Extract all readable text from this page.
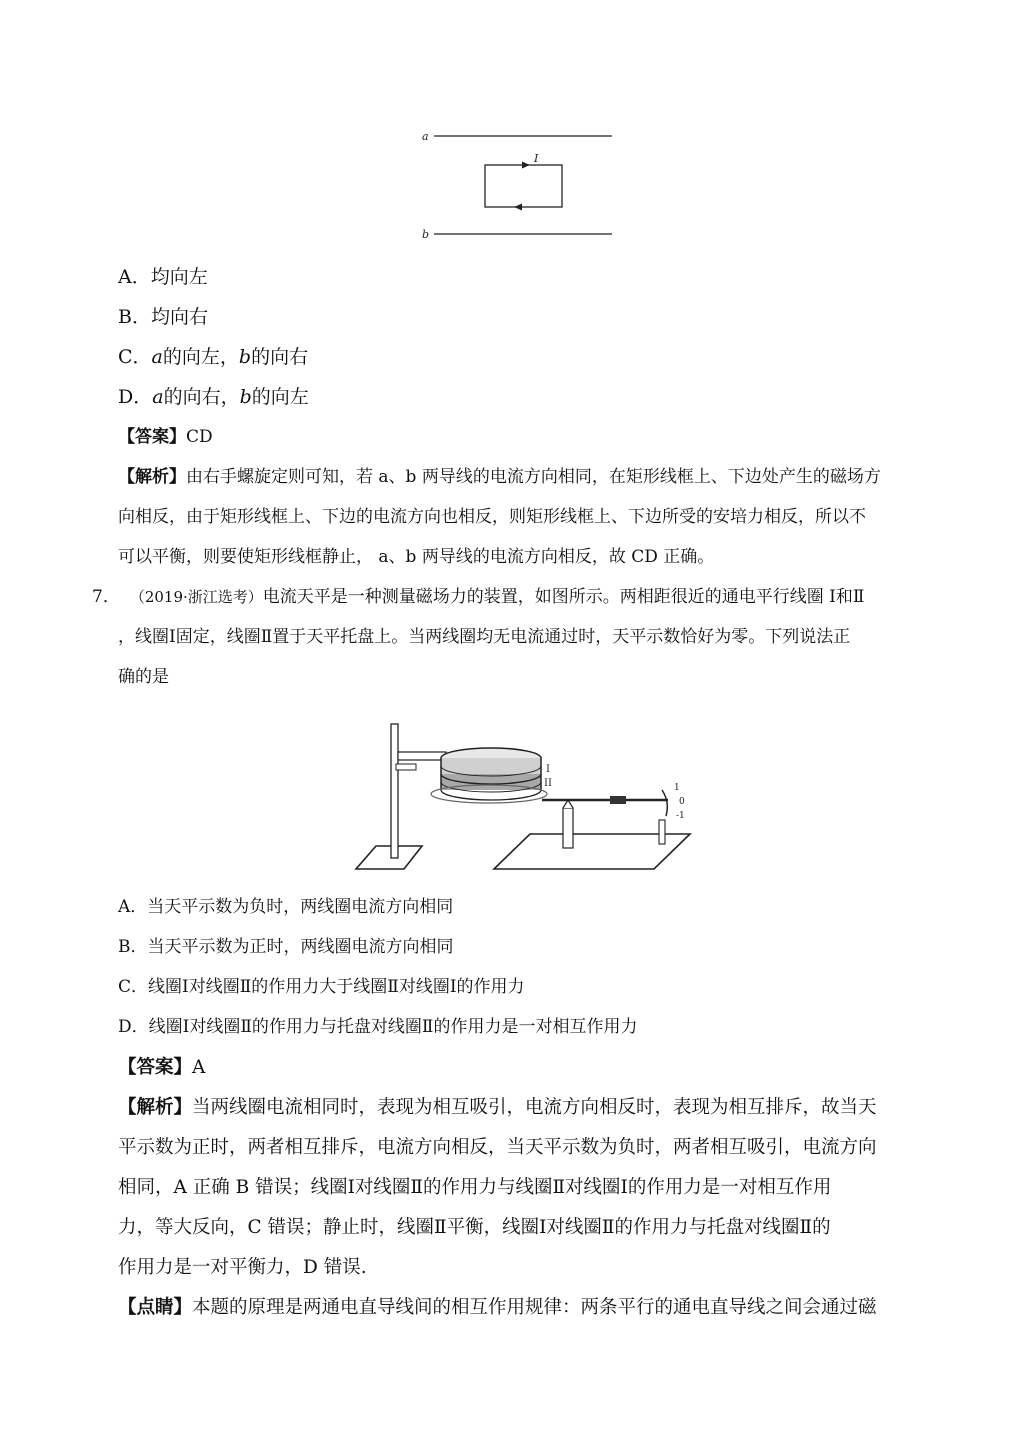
a
I
b
A．均向左
B．均向右
C．a的向左，b的向右
D．a的向右，b的向左
【答案】CD
【解析】由右手螺旋定则可知，若 a、b 两导线的电流方向相同，在矩形线框上、下边处产生的磁场方
向相反，由于矩形线框上、下边的电流方向也相反，则矩形线框上、下边所受的安培力相反，所以不
可以平衡，则要使矩形线框静止， a、b 两导线的电流方向相反，故 CD 正确。
7． （2019·浙江选考）电流天平是一种测量磁场力的装置，如图所示。两相距很近的通电平行线圈 Ⅰ和Ⅱ
，线圈Ⅰ固定，线圈Ⅱ置于天平托盘上。当两线圈均无电流通过时，天平示数恰好为零。下列说法正
确的是
I
II	1
0
-1
A．当天平示数为负时，两线圈电流方向相同
B．当天平示数为正时，两线圈电流方向相同
C．线圈Ⅰ对线圈Ⅱ的作用力大于线圈Ⅱ对线圈Ⅰ的作用力
D．线圈Ⅰ对线圈Ⅱ的作用力与托盘对线圈Ⅱ的作用力是一对相互作用力
【答案】A
【解析】当两线圈电流相同时，表现为相互吸引，电流方向相反时，表现为相互排斥，故当天
平示数为正时，两者相互排斥，电流方向相反，当天平示数为负时，两者相互吸引，电流方向
相同，A 正确 B 错误；线圈Ⅰ对线圈Ⅱ的作用力与线圈Ⅱ对线圈Ⅰ的作用力是一对相互作用
力，等大反向，C 错误；静止时，线圈Ⅱ平衡，线圈Ⅰ对线圈Ⅱ的作用力与托盘对线圈Ⅱ的
作用力是一对平衡力，D 错误.
【点睛】本题的原理是两通电直导线间的相互作用规律：两条平行的通电直导线之间会通过磁
